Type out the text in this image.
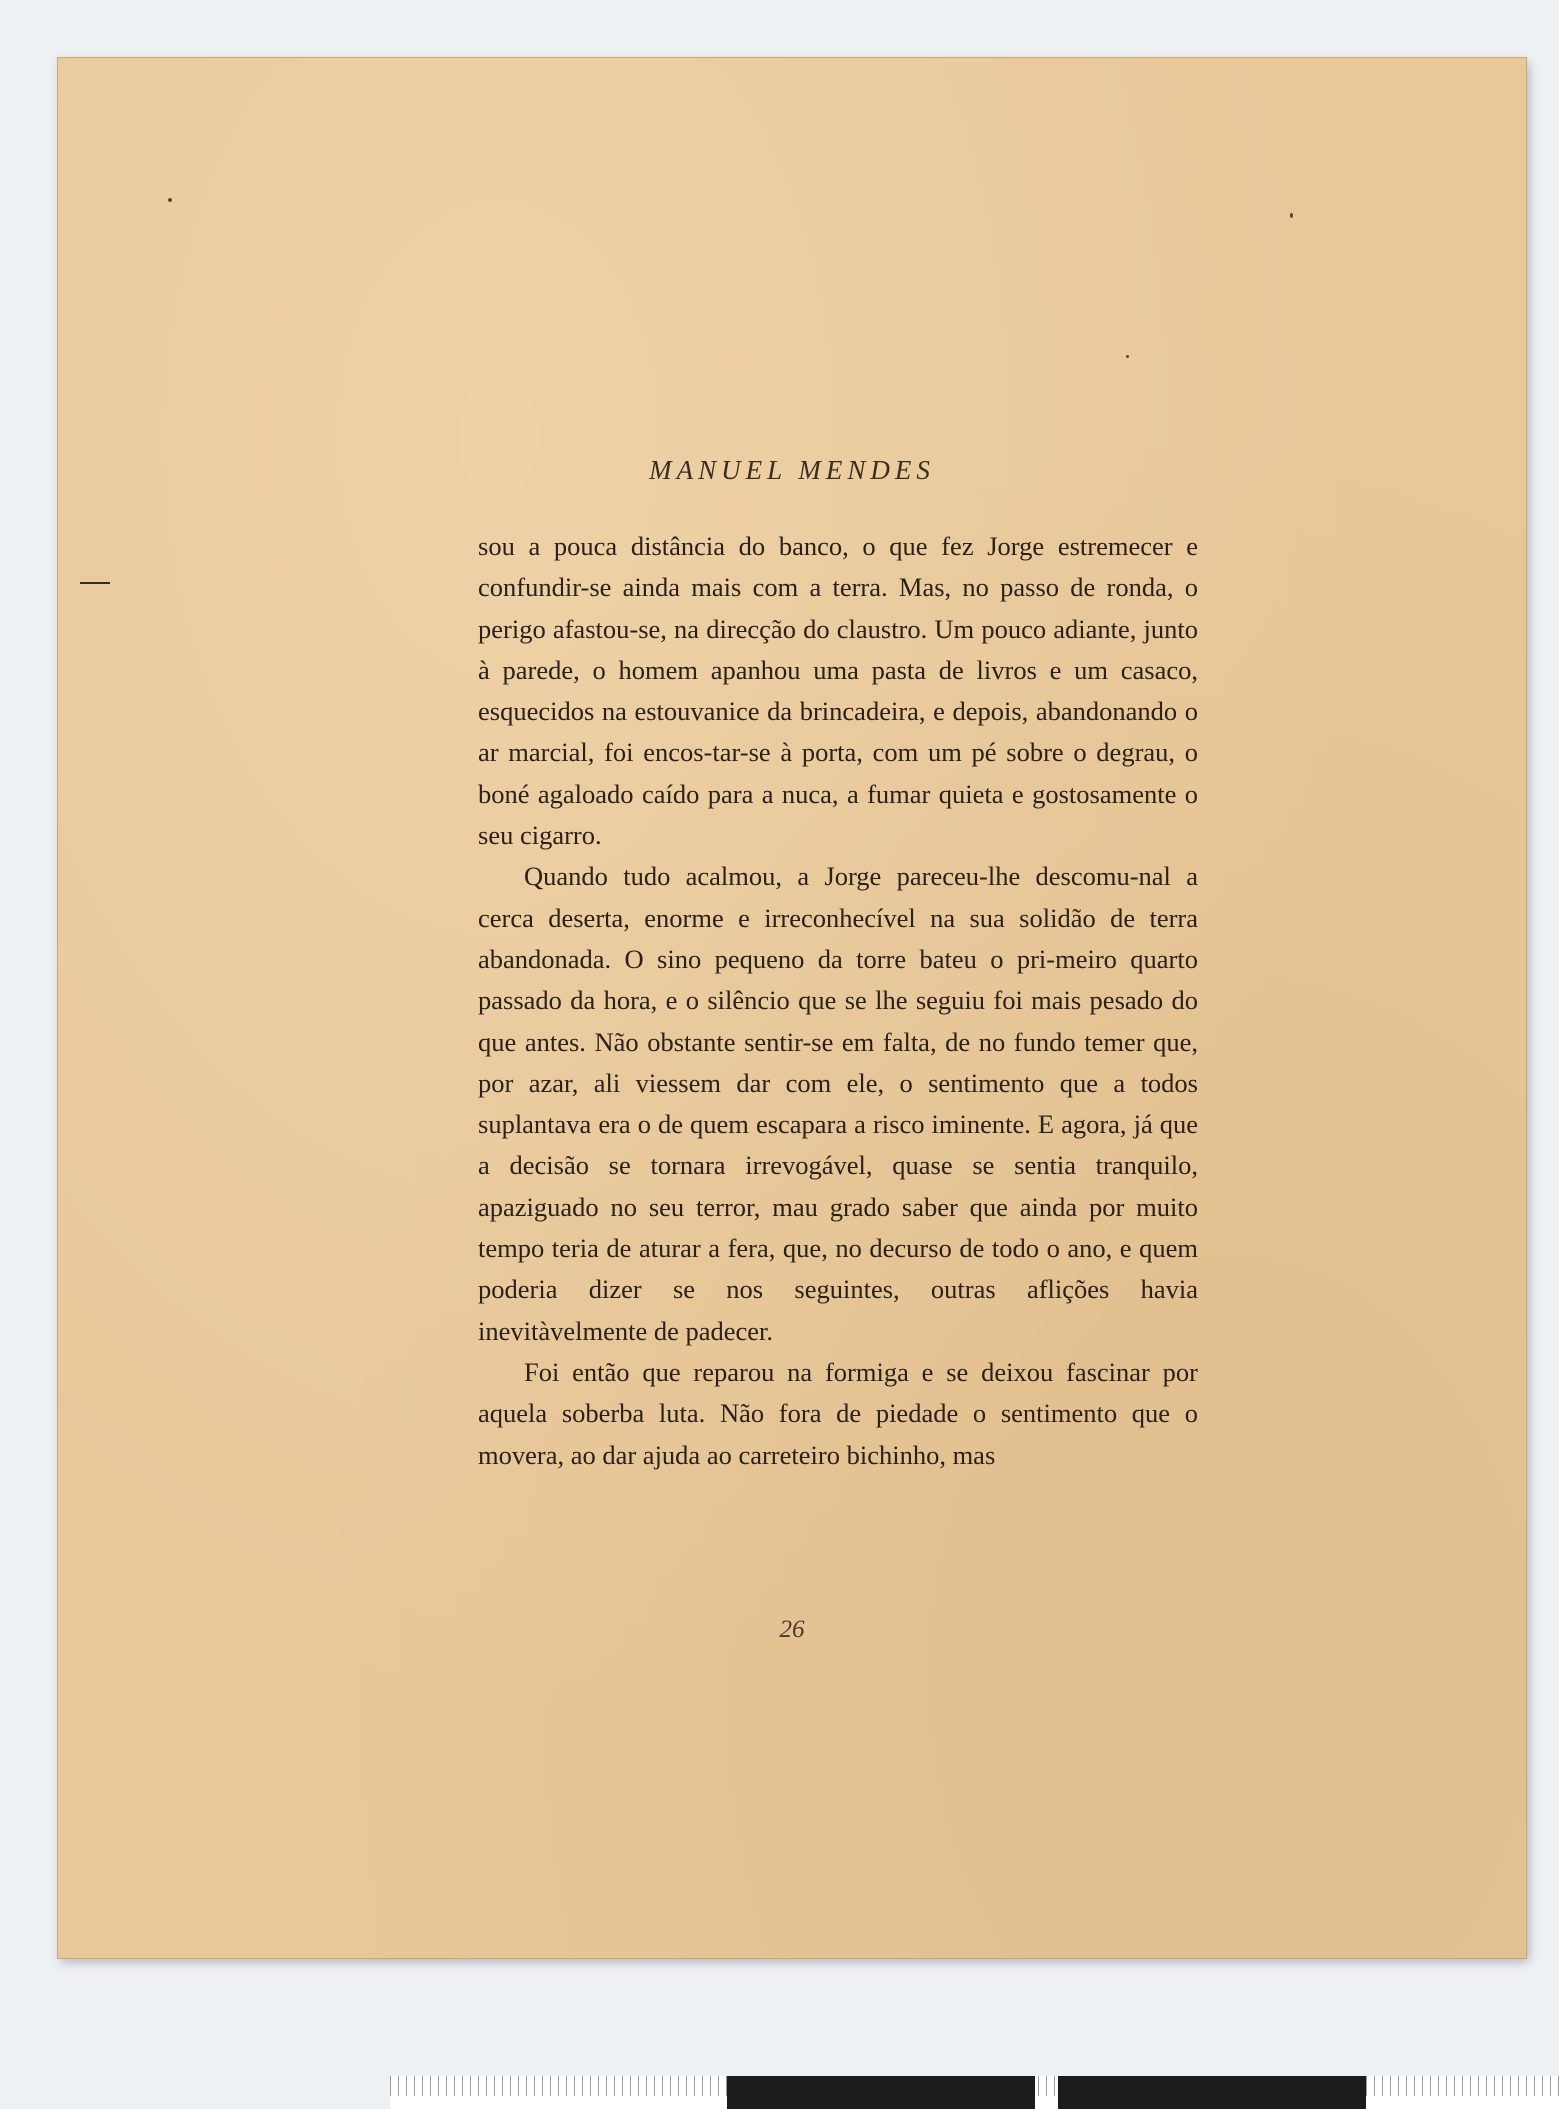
MANUEL MENDES

sou a pouca distância do banco, o que fez Jorge estremecer e confundir-se ainda mais com a terra. Mas, no passo de ronda, o perigo afastou-se, na direcção do claustro. Um pouco adiante, junto à parede, o homem apanhou uma pasta de livros e um casaco, esquecidos na estouvanice da brincadeira, e depois, abandonando o ar marcial, foi encos-tar-se à porta, com um pé sobre o degrau, o boné agaloado caído para a nuca, a fumar quieta e gostosamente o seu cigarro.

Quando tudo acalmou, a Jorge pareceu-lhe descomu-nal a cerca deserta, enorme e irreconhecível na sua solidão de terra abandonada. O sino pequeno da torre bateu o pri-meiro quarto passado da hora, e o silêncio que se lhe seguiu foi mais pesado do que antes. Não obstante sentir-se em falta, de no fundo temer que, por azar, ali viessem dar com ele, o sentimento que a todos suplantava era o de quem escapara a risco iminente. E agora, já que a decisão se tornara irrevogável, quase se sentia tranquilo, apaziguado no seu terror, mau grado saber que ainda por muito tempo teria de aturar a fera, que, no decurso de todo o ano, e quem poderia dizer se nos seguintes, outras aflições havia inevitàvelmente de padecer.

Foi então que reparou na formiga e se deixou fascinar por aquela soberba luta. Não fora de piedade o sentimento que o movera, ao dar ajuda ao carreteiro bichinho, mas

26
